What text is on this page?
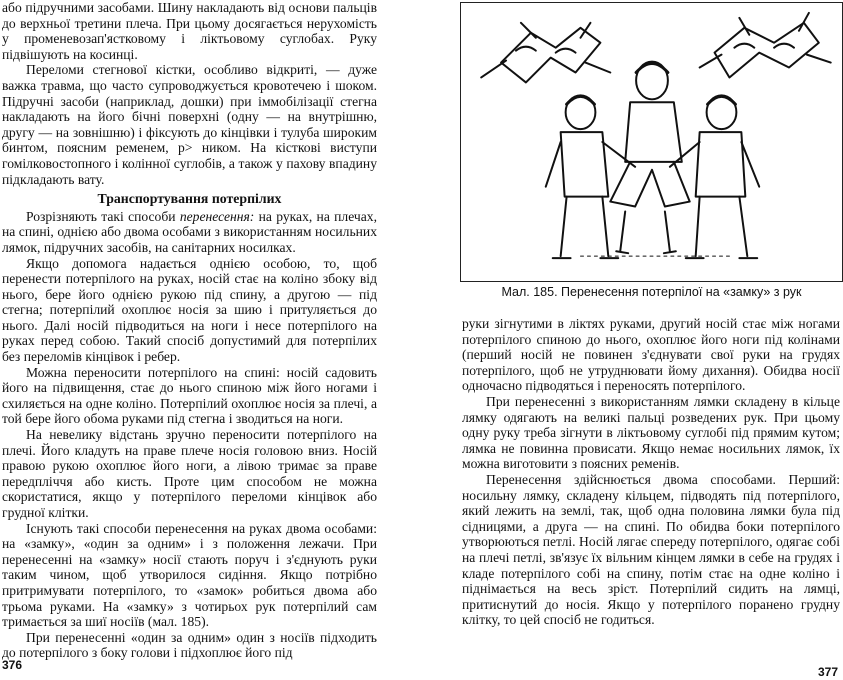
або підручними засобами. Шину накладають від основи пальців до верхньої третини плеча. При цьому досягається нерухомість у променевозап'ястковому і ліктьовому суглобах. Руку підвішують на косинці.

Переломи стегнової кістки, особливо відкриті, — дуже важка травма, що часто супроводжується кровотечею і шоком. Підручні засоби (наприклад, дошки) при іммобілізації стегна накладають на його бічні поверхні (одну — на внутрішню, другу — на зовнішню) і фіксують до кінцівки і тулуба широким бинтом, поясним ременем, р> ником. На кісткові виступи гомілковостопного і колінної суглобів, а також у пахову впадину підкладають вату.

Транспортування потерпілих

Розрізняють такі способи перенесення: на руках, на плечах, на спині, однією або двома особами з використанням носильних лямок, підручних засобів, на санітарних носилках.

Якщо допомога надається однією особою, то, щоб перенести потерпілого на руках, носій стає на коліно збоку від нього, бере його однією рукою під спину, а другою — під стегна; потерпілий охоплює носія за шию і притуляється до нього. Далі носій підводиться на ноги і несе потерпілого на руках перед собою. Такий спосіб допустимий для потерпілих без переломів кінцівок і ребер.

Можна переносити потерпілого на спині: носій садовить його на підвищення, стає до нього спиною між його ногами і схиляється на одне коліно. Потерпілий охоплює носія за плечі, а той бере його обома руками під стегна і зводиться на ноги.

На невелику відстань зручно переносити потерпілого на плечі. Його кладуть на праве плече носія головою вниз. Носій правою рукою охоплює його ноги, а лівою тримає за праве передпліччя або кисть. Проте цим способом не можна скористатися, якщо у потерпілого переломи кінцівок або грудної клітки.

Існують такі способи перенесення на руках двома особами: на «замку», «один за одним» і з положення лежачи. При перенесенні на «замку» носії стають поруч і з'єднують руки таким чином, щоб утворилося сидіння. Якщо потрібно притримувати потерпілого, то «замок» робиться двома або трьома руками. На «замку» з чотирьох рук потерпілий сам тримається за шиї носіїв (мал. 185).

При перенесенні «один за одним» один з носіїв підходить до потерпілого з боку голови і підхоплює його під

376
Мал. 185. Перенесення потерпілої на «замку» з рук

руки зігнутими в ліктях руками, другий носій стає між ногами потерпілого спиною до нього, охоплює його ноги під колінами (перший носій не повинен з'єднувати свої руки на грудях потерпілого, щоб не утруднювати йому дихання). Обидва носії одночасно підводяться і переносять потерпілого.

При перенесенні з використанням лямки складену в кільце лямку одягають на великі пальці розведених рук. При цьому одну руку треба зігнути в ліктьовому суглобі під прямим кутом; лямка не повинна провисати. Якщо немає носильних лямок, їх можна виготовити з поясних ременів.

Перенесення здійснюється двома способами. Перший: носильну лямку, складену кільцем, підводять під потерпілого, який лежить на землі, так, щоб одна половина лямки була під сідницями, а друга — на спині. По обидва боки потерпілого утворюються петлі. Носій лягає спереду потерпілого, одягає собі на плечі петлі, зв'язує їх вільним кінцем лямки в себе на грудях і кладе потерпілого собі на спину, потім стає на одне коліно і піднімається на весь зріст. Потерпілий сидить на лямці, притиснутий до носія. Якщо у потерпілого поранено грудну клітку, то цей спосіб не годиться.

377
